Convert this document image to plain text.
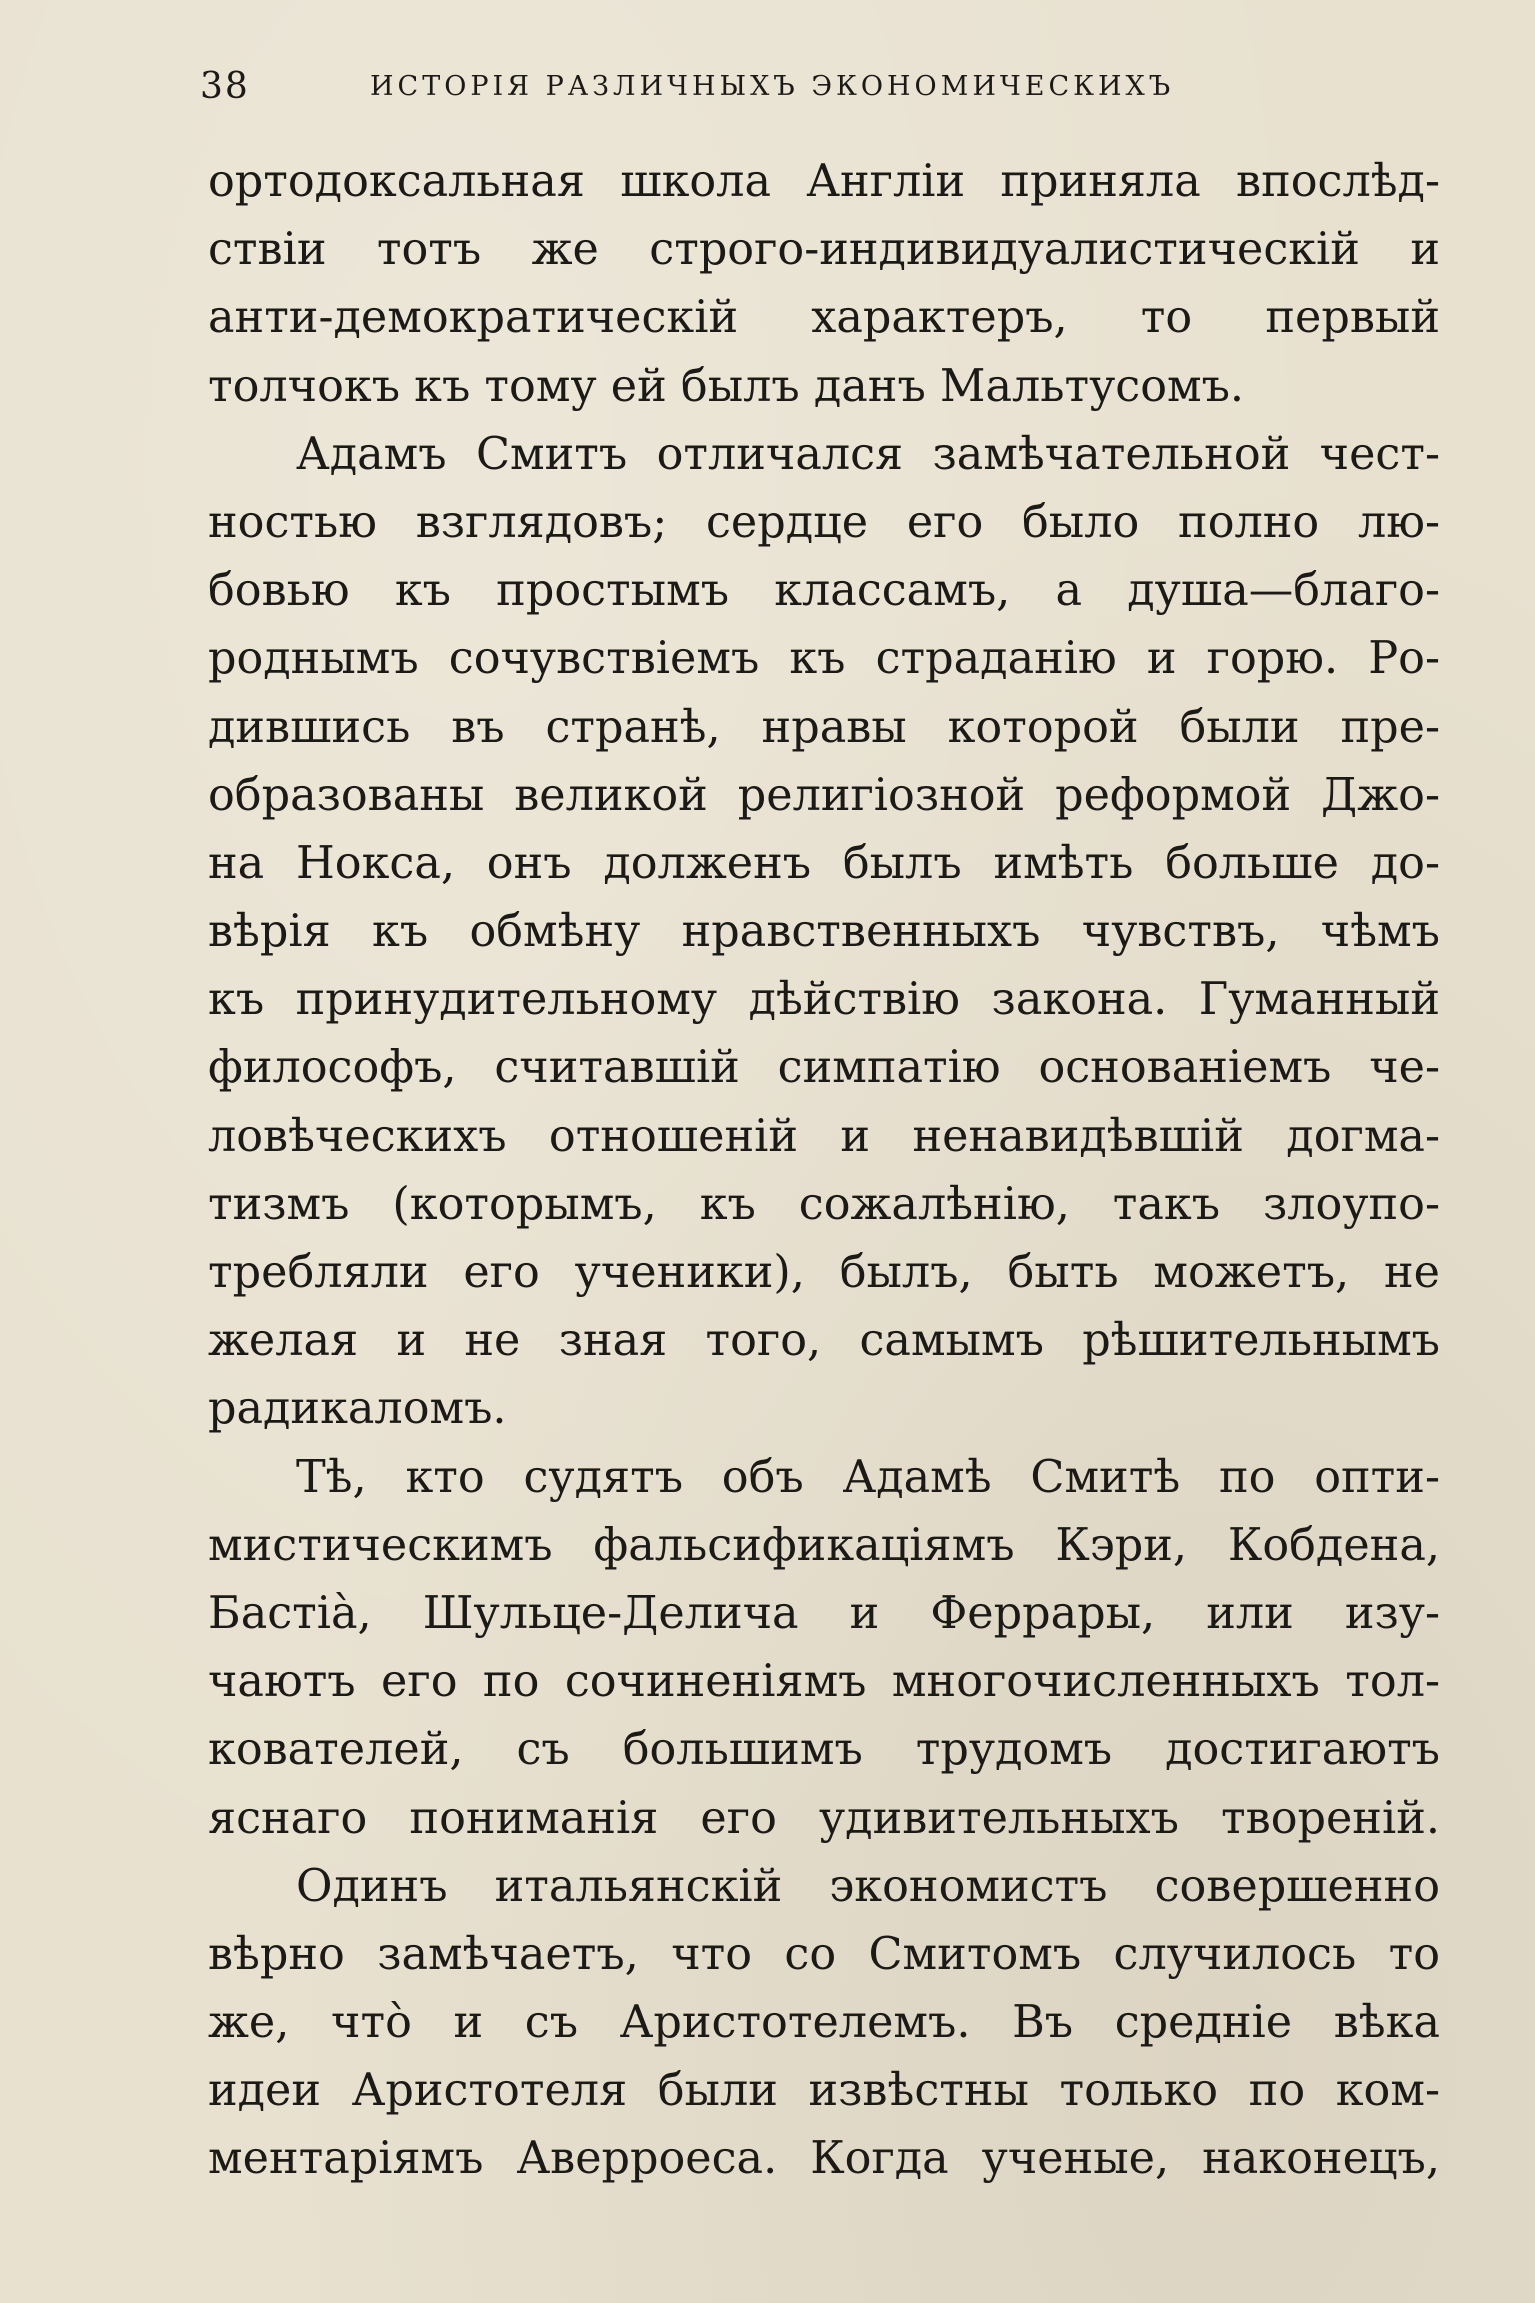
38	ИСТОРІЯ РАЗЛИЧНЫХЪ ЭКОНОМИЧЕСКИХЪ
ортодоксальная школа Англіи приняла впослѣд-
ствіи тотъ же строго-индивидуалистическій и
анти-демократическій характеръ, то первый
толчокъ къ тому ей былъ данъ Мальтусомъ.
Адамъ Смитъ отличался замѣчательной чест-
ностью взглядовъ; сердце его было полно лю-
бовью къ простымъ классамъ, а душа—благо-
роднымъ сочувствіемъ къ страданію и горю. Ро-
дившись въ странѣ, нравы которой были пре-
образованы великой религіозной реформой Джо-
на Нокса, онъ долженъ былъ имѣть больше до-
вѣрія къ обмѣну нравственныхъ чувствъ, чѣмъ
къ принудительному дѣйствію закона. Гуманный
философъ, считавшій симпатію основаніемъ че-
ловѣческихъ отношеній и ненавидѣвшій догма-
тизмъ (которымъ, къ сожалѣнію, такъ злоупо-
требляли его ученики), былъ, быть можетъ, не
желая и не зная того, самымъ рѣшительнымъ
радикаломъ.
Тѣ, кто судятъ объ Адамѣ Смитѣ по опти-
мистическимъ фальсификаціямъ Кэри, Кобдена,
Бастіà, Шульце-Делича и Феррары, или изу-
чаютъ его по сочиненіямъ многочисленныхъ тол-
кователей, съ большимъ трудомъ достигаютъ
яснаго пониманія его удивительныхъ твореній.
Одинъ итальянскій экономистъ совершенно
вѣрно замѣчаетъ, что со Смитомъ случилось то
же, чтò и съ Аристотелемъ. Въ средніе вѣка
идеи Аристотеля были извѣстны только по ком-
ментаріямъ Аверроеса. Когда ученые, наконецъ,
